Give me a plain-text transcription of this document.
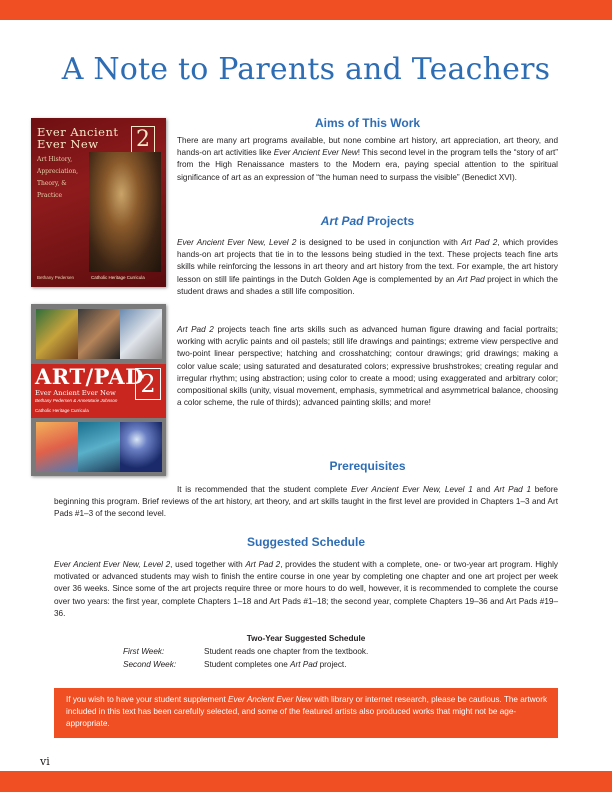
A Note to Parents and Teachers
Ever Ancient
Ever New	2
Art History, Appreciation, Theory, & Practice
Bethany Pedersen	Catholic Heritage Curricula
ART/PAD
2
Ever Ancient Ever New
Bethany Pedersen & AnneMarie Johnson
Catholic Heritage Curricula
Aims of This Work

There are many art programs available, but none combine art history, art appreciation, art theory, and hands-on art activities like Ever Ancient Ever New! This second level in the program tells the “story of art” from the High Renaissance masters to the Modern era, paying special attention to the spiritual significance of art as an expression of “the human need to surpass the visible” (Benedict XVI).

Art Pad Projects

Ever Ancient Ever New, Level 2 is designed to be used in conjunction with Art Pad 2, which provides hands-on art projects that tie in to the lessons being studied in the text. These projects teach fine arts skills while reinforcing the lessons in art theory and art history from the text. For example, the art history lesson on still life paintings in the Dutch Golden Age is complemented by an Art Pad project in which the student draws and shades a still life composition.

Art Pad 2 projects teach fine arts skills such as advanced human figure drawing and facial portraits; working with acrylic paints and oil pastels; still life drawings and paintings; extreme view perspective and two-point linear perspective; hatching and crosshatching; contour drawings; grid drawings; making a color value scale; using saturated and desaturated colors; expressive brushstrokes; creating regular and irregular rhythm; using abstraction; using color to create a mood; using exaggerated and arbitrary color; compositional skills (unity, visual movement, emphasis, symmetrical and asymmetrical balance, choosing a color scheme, the rule of thirds); advanced painting skills; and more!

Prerequisites

It is recommended that the student complete Ever Ancient Ever New, Level 1 and Art Pad 1 before beginning this program. Brief reviews of the art history, art theory, and art skills taught in the first level are provided in Chapters 1–3 and Art Pads #1–3 of the second level.

Suggested Schedule

Ever Ancient Ever New, Level 2, used together with Art Pad 2, provides the student with a complete, one- or two-year art program. Highly motivated or advanced students may wish to finish the entire course in one year by completing one chapter and one art project per week over 36 weeks. Since some of the art projects require three or more hours to do well, however, it is recommended to complete the course over two years: the first year, complete Chapters 1–18 and Art Pads #1–18; the second year, complete Chapters 19–36 and Art Pads #19–36.

Two-Year Suggested Schedule
First Week:	Student reads one chapter from the textbook.
Second Week:	Student completes one Art Pad project.
If you wish to have your student supplement Ever Ancient Ever New with library or internet research, please be cautious. The artwork included in this text has been carefully selected, and some of the featured artists also produced works that might not be age-appropriate.
vi
